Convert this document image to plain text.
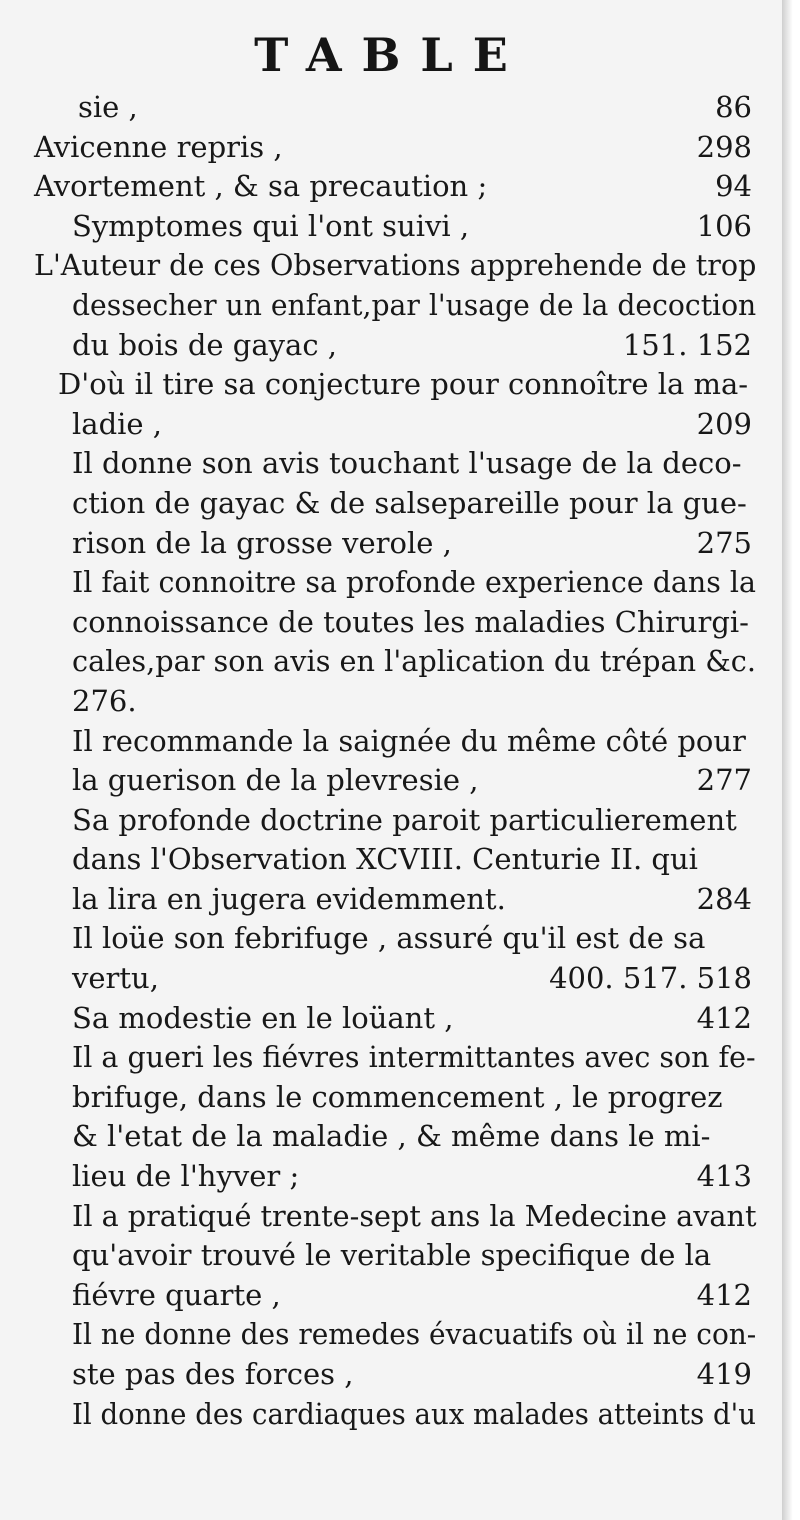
TABLE
sie ,	86
Avicenne repris ,	298
Avortement , & sa precaution ;	94
Symptomes qui l'ont suivi ,	106
L'Auteur de ces Observations apprehende de trop
dessecher un enfant,par l'usage de la decoction
du bois de gayac ,	151. 152
D'où il tire sa conjecture pour connoître la ma-
ladie ,	209
Il donne son avis touchant l'usage de la deco-
ction de gayac & de salsepareille pour la gue-
rison de la grosse verole ,	275
Il fait connoitre sa profonde experience dans la
connoissance de toutes les maladies Chirurgi-
cales,par son avis en l'aplication du trépan &c.
276.
Il recommande la saignée du même côté pour
la guerison de la plevresie ,	277
Sa profonde doctrine paroit particulierement
dans l'Observation XCVIII. Centurie II. qui
la lira en jugera evidemment.	284
Il loüe son febrifuge , assuré qu'il est de sa
vertu,	400. 517. 518
Sa modestie en le loüant ,	412
Il a gueri les fiévres intermittantes avec son fe-
brifuge, dans le commencement , le progrez
& l'etat de la maladie , & même dans le mi-
lieu de l'hyver ;	413
Il a pratiqué trente-sept ans la Medecine avant
qu'avoir trouvé le veritable specifique de la
fiévre quarte ,	412
Il ne donne des remedes évacuatifs où il ne con-
ste pas des forces ,	419
Il donne des cardiaques aux malades atteints d'u
